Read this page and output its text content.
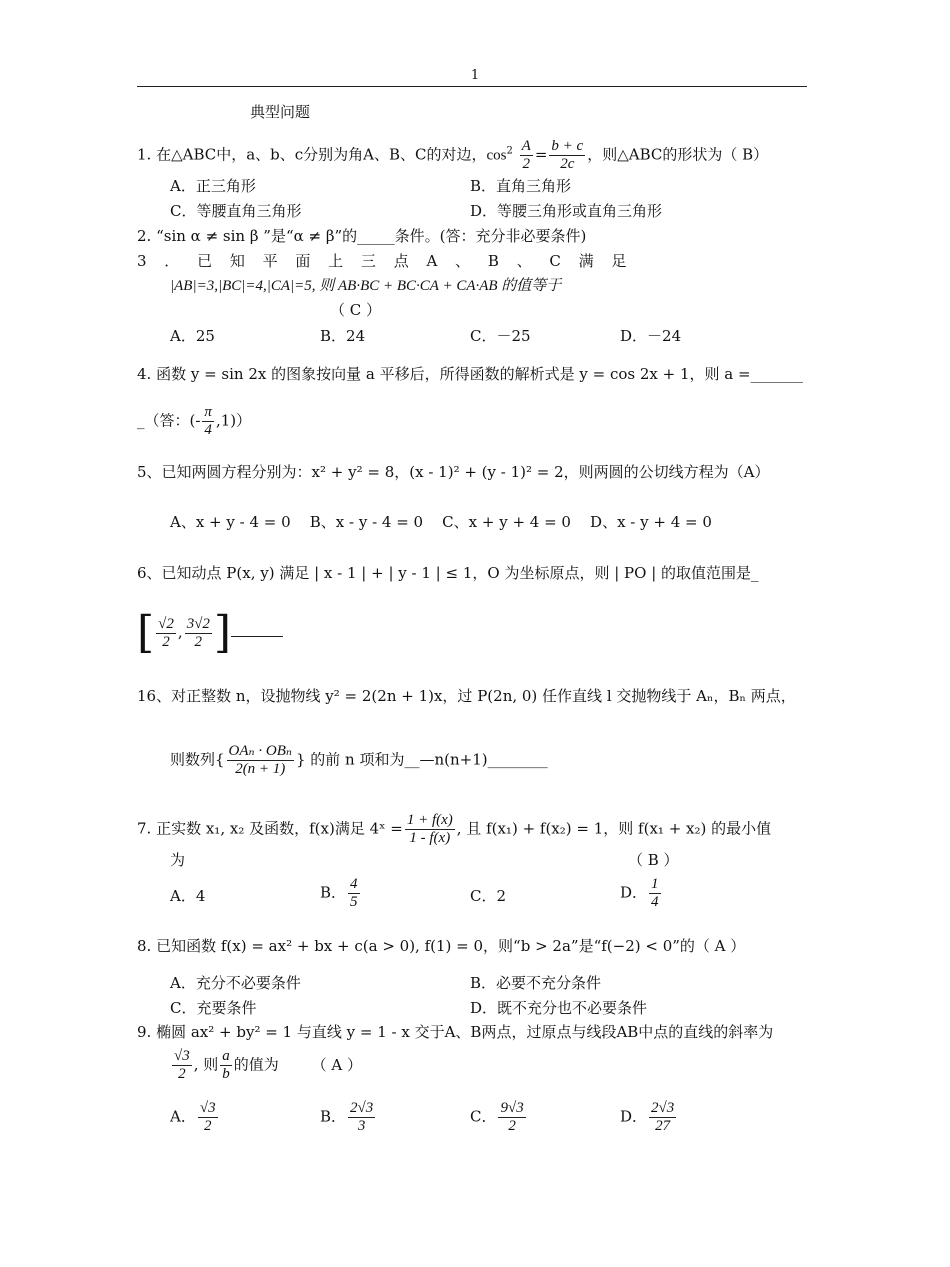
1
典型问题
1. 在△ABC中，a、b、c分别为角A、B、C的对边，$\cos^2 \frac{A}{2} = \frac{b + c}{2c}$ ，则△ABC的形状为（ B）
A．正三角形	B．直角三角形
C．等腰直角三角形	D．等腰三角形或直角三角形
2. “sin α ≠ sin β ”是“α ≠ β”的_____条件。(答：充分非必要条件)
3 ． 已 知 平 面 上 三 点 A 、 B 、 C 满 足
|AB|=3,|BC|=4,|CA|=5, 则 AB·BC + BC·CA + CA·AB 的值等于
（ C ）
A．25	B．24	C．－25	D．－24
4. 函数 y = sin 2x 的图象按向量 a 平移后，所得函数的解析式是 y = cos 2x + 1，则 a =_______
_（答：(- $\frac{\pi}{4} ,1$)）
5、已知两圆方程分别为：x² + y² = 8，(x - 1)² + (y - 1)² = 2，则两圆的公切线方程为（A）
A、x + y - 4 = 0    B、x - y - 4 = 0    C、x + y + 4 = 0    D、x - y + 4 = 0
6、已知动点 P(x, y) 满足 | x - 1 | + | y - 1 | ≤ 1，O 为坐标原点，则 | PO | 的取值范围是_
[ $\frac{√2}{2}$ , $\frac{3√2}{2}$ ]
16、对正整数 n，设抛物线 y² = 2(2n + 1)x，过 P(2n, 0) 任作直线 l 交抛物线于 Aₙ，Bₙ 两点，
则数列{ $\frac{\text{OAₙ · OBₙ}}{2(n + 1)}$ } 的前 n 项和为__—n(n+1)________
7. 正实数 x₁, x₂ 及函数，f(x)满足 4ˣ = $\frac{1 + f(x)}{1 - f(x)}$ , 且 f(x₁) + f(x₂) = 1，则 f(x₁ + x₂) 的最小值
为	（ B ）
A．4	B． $\frac{4}{5}$	C．2	D． $\frac{1}{4}$
8. 已知函数 f(x) = ax² + bx + c(a > 0), f(1) = 0，则“b > 2a”是“f(−2) < 0”的（ A ）
A．充分不必要条件	B．必要不充分条件
C．充要条件	D．既不充分也不必要条件
9. 椭圆 ax² + by² = 1 与直线 y = 1 - x 交于A、B两点，过原点与线段AB中点的直线的斜率为
$\frac{√3}{2}$ , 则 $\frac{a}{b}$ 的值为 （ A ）
A． $\frac{√3}{2}$	B． $\frac{2√3}{3}$	C． $\frac{9√3}{2}$	D． $\frac{2√3}{27}$
